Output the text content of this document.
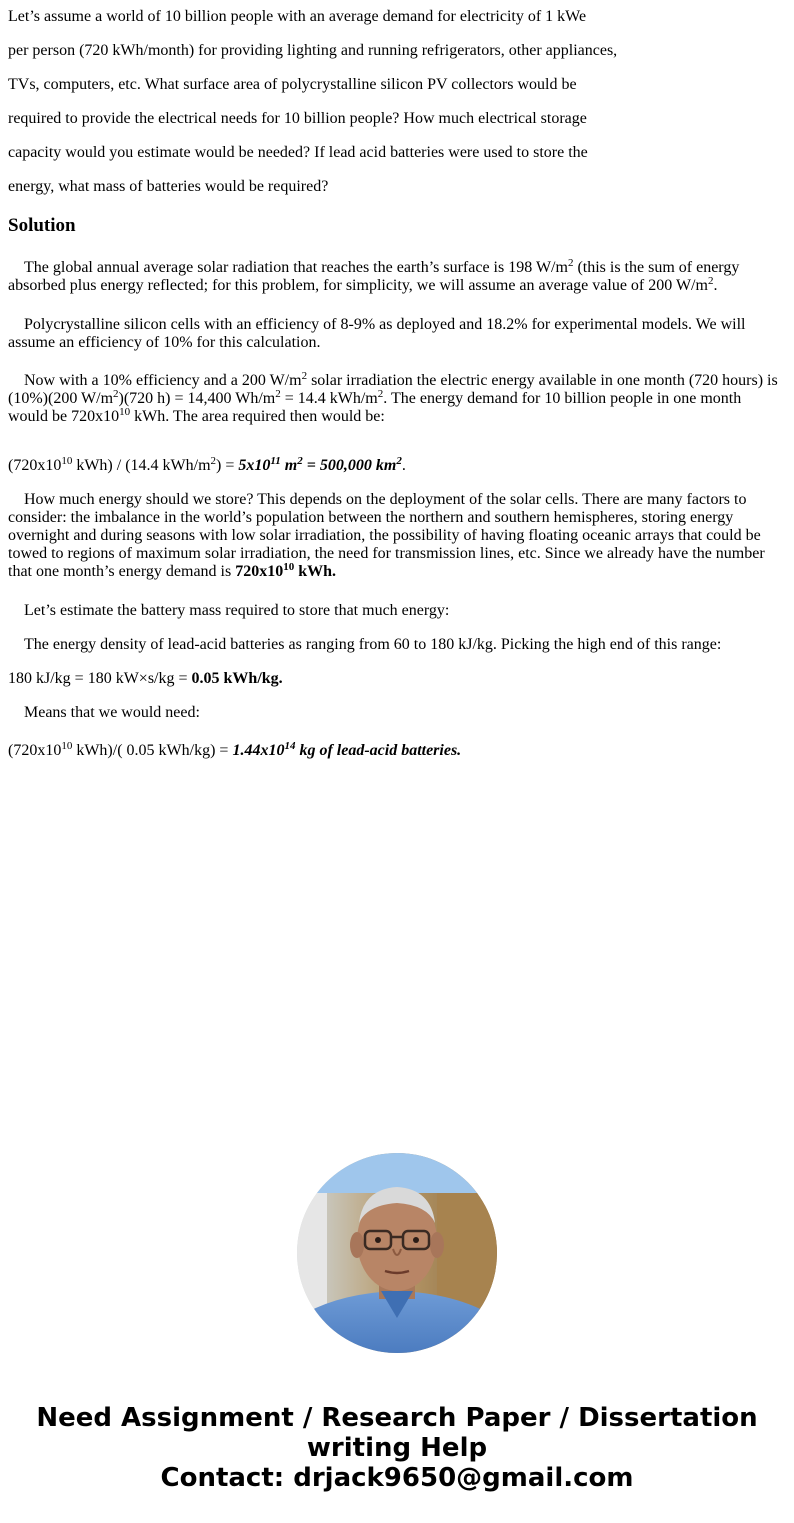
Let’s assume a world of 10 billion people with an average demand for electricity of 1 kWe

per person (720 kWh/month) for providing lighting and running refrigerators, other appliances,

TVs, computers, etc. What surface area of polycrystalline silicon PV collectors would be

required to provide the electrical needs for 10 billion people? How much electrical storage

capacity would you estimate would be needed? If lead acid batteries were used to store the

energy, what mass of batteries would be required?

Solution

The global annual average solar radiation that reaches the earth’s surface is 198 $W/m^2$ (this is the sum of energy absorbed plus energy reflected; for this problem, for simplicity, we will assume an average value of 200 $W/m^2$.

Polycrystalline silicon cells with an efficiency of 8-9% as deployed and 18.2% for experimental models. We will assume an efficiency of 10% for this calculation.

Now with a 10% efficiency and a 200 $W/m^2$ solar irradiation the electric energy available in one month (720 hours) is (10%)(200 $W/m^2)(720$ h) = 14,400 $Wh/m^2 = 14.4$ kWh/$m^2$. The energy demand for 10 billion people in one month would be $720x10^{10}$ kWh. The area required then would be:

($720x10^{10}$ kWh) / (14.4 kWh/$m^2) = 5x10^{11}$ $m^2 = 500,000$ $km^2$.

How much energy should we store? This depends on the deployment of the solar cells. There are many factors to consider: the imbalance in the world’s population between the northern and southern hemispheres, storing energy overnight and during seasons with low solar irradiation, the possibility of having floating oceanic arrays that could be towed to regions of maximum solar irradiation, the need for transmission lines, etc. Since we already have the number that one month’s energy demand is $720x10^{10}$ kWh.

Let’s estimate the battery mass required to store that much energy:

The energy density of lead-acid batteries as ranging from 60 to 180 kJ/kg. Picking the high end of this range:

180 kJ/kg = 180 kW×s/kg = 0.05 kWh/kg.

Means that we would need:

($720x10^{10}$ kWh)/( 0.05 $kWh/kg) = 1.44x10^{14}$ kg of lead-acid batteries.

Need Assignment / Research Paper / Dissertation
writing Help
Contact: drjack9650@gmail.com
